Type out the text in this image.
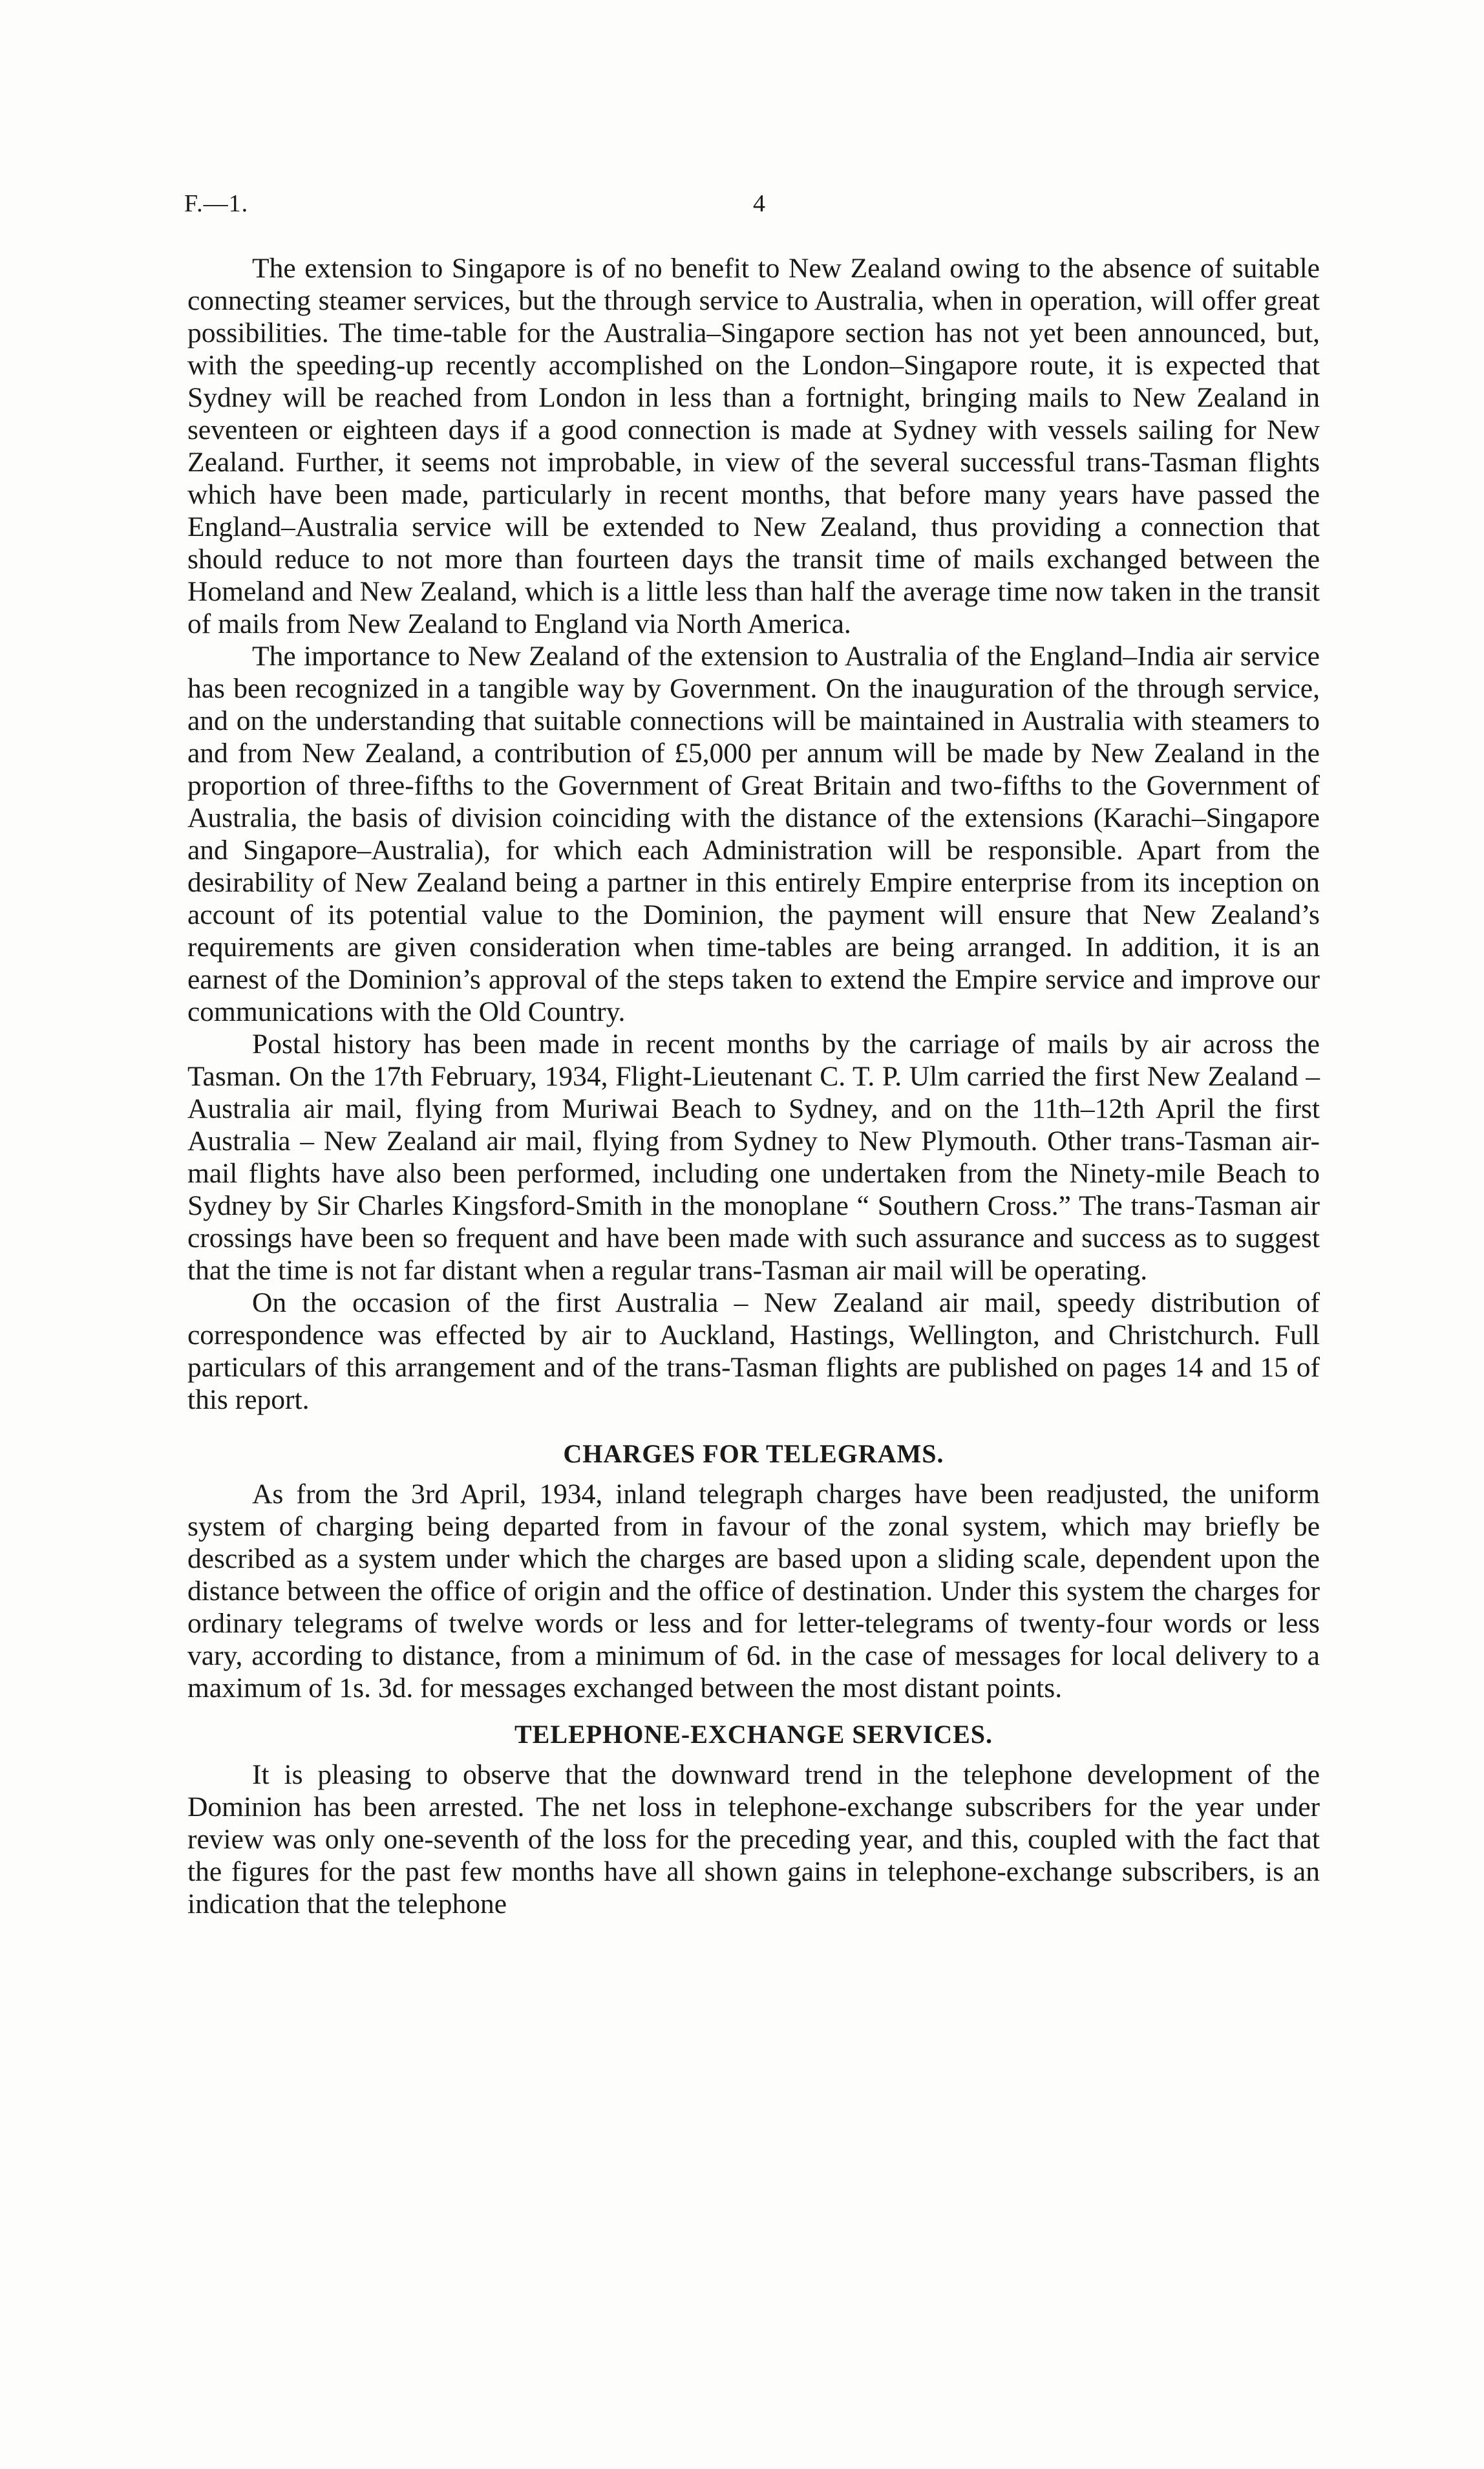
F.—1.	4

The extension to Singapore is of no benefit to New Zealand owing to the absence of suitable connecting steamer services, but the through service to Australia, when in operation, will offer great possibilities. The time-table for the Australia–Singapore section has not yet been announced, but, with the speeding-up recently accomplished on the London–Singapore route, it is expected that Sydney will be reached from London in less than a fortnight, bringing mails to New Zealand in seventeen or eighteen days if a good connection is made at Sydney with vessels sailing for New Zealand. Further, it seems not improbable, in view of the several successful trans-Tasman flights which have been made, particularly in recent months, that before many years have passed the England–Australia service will be extended to New Zealand, thus providing a connection that should reduce to not more than fourteen days the transit time of mails exchanged between the Homeland and New Zealand, which is a little less than half the average time now taken in the transit of mails from New Zealand to England via North America.

The importance to New Zealand of the extension to Australia of the England–India air service has been recognized in a tangible way by Government. On the inauguration of the through service, and on the understanding that suitable connections will be maintained in Australia with steamers to and from New Zealand, a contribution of £5,000 per annum will be made by New Zealand in the proportion of three-fifths to the Government of Great Britain and two-fifths to the Government of Australia, the basis of division coinciding with the distance of the extensions (Karachi–Singapore and Singapore–Australia), for which each Administration will be responsible. Apart from the desirability of New Zealand being a partner in this entirely Empire enterprise from its inception on account of its potential value to the Dominion, the payment will ensure that New Zealand’s requirements are given consideration when time-tables are being arranged. In addition, it is an earnest of the Dominion’s approval of the steps taken to extend the Empire service and improve our communications with the Old Country.

Postal history has been made in recent months by the carriage of mails by air across the Tasman. On the 17th February, 1934, Flight-Lieutenant C. T. P. Ulm carried the first New Zealand – Australia air mail, flying from Muriwai Beach to Sydney, and on the 11th–12th April the first Australia – New Zealand air mail, flying from Sydney to New Plymouth. Other trans-Tasman air-mail flights have also been performed, including one undertaken from the Ninety-mile Beach to Sydney by Sir Charles Kingsford-Smith in the monoplane “ Southern Cross.” The trans-Tasman air crossings have been so frequent and have been made with such assurance and success as to suggest that the time is not far distant when a regular trans-Tasman air mail will be operating.

On the occasion of the first Australia – New Zealand air mail, speedy distribution of correspondence was effected by air to Auckland, Hastings, Wellington, and Christchurch. Full particulars of this arrangement and of the trans-Tasman flights are published on pages 14 and 15 of this report.

CHARGES FOR TELEGRAMS.

As from the 3rd April, 1934, inland telegraph charges have been readjusted, the uniform system of charging being departed from in favour of the zonal system, which may briefly be described as a system under which the charges are based upon a sliding scale, dependent upon the distance between the office of origin and the office of destination. Under this system the charges for ordinary telegrams of twelve words or less and for letter-telegrams of twenty-four words or less vary, according to distance, from a minimum of 6d. in the case of messages for local delivery to a maximum of 1s. 3d. for messages exchanged between the most distant points.

TELEPHONE-EXCHANGE SERVICES.

It is pleasing to observe that the downward trend in the telephone development of the Dominion has been arrested. The net loss in telephone-exchange subscribers for the year under review was only one-seventh of the loss for the preceding year, and this, coupled with the fact that the figures for the past few months have all shown gains in telephone-exchange subscribers, is an indication that the telephone
